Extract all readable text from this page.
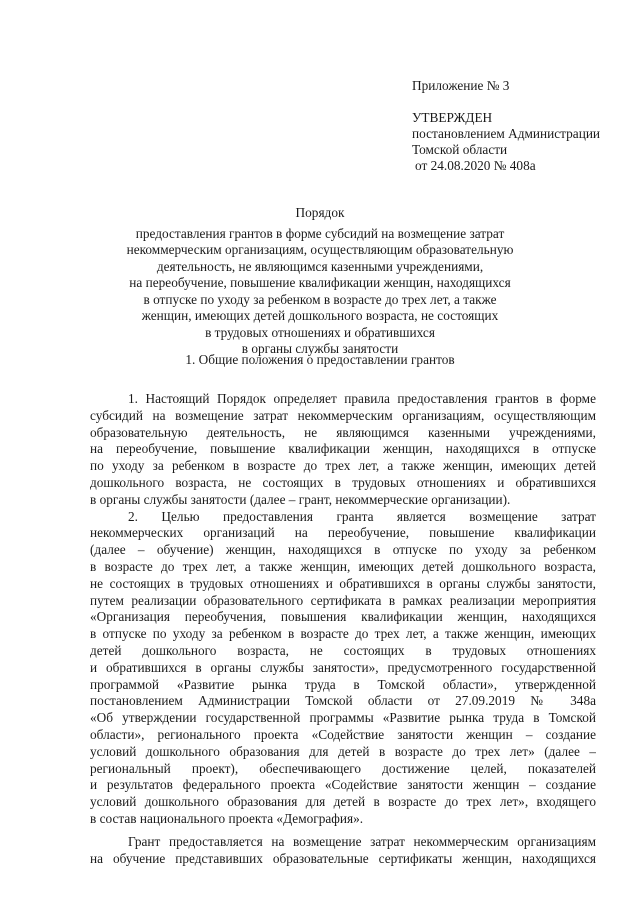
Приложение № 3
УТВЕРЖДЕН
постановлением Администрации
Томской области
от 24.08.2020 № 408а
Порядок
предоставления грантов в форме субсидий на возмещение затрат
некоммерческим организациям, осуществляющим образовательную
деятельность, не являющимся казенными учреждениями,
на переобучение, повышение квалификации женщин, находящихся
в отпуске по уходу за ребенком в возрасте до трех лет, а также
женщин, имеющих детей дошкольного возраста, не состоящих
в трудовых отношениях и обратившихся
в органы службы занятости
1. Общие положения о предоставлении грантов
1. Настоящий Порядок определяет правила предоставления грантов в форме
субсидий на возмещение затрат некоммерческим организациям, осуществляющим
образовательную деятельность, не являющимся казенными учреждениями,
на переобучение, повышение квалификации женщин, находящихся в отпуске
по уходу за ребенком в возрасте до трех лет, а также женщин, имеющих детей
дошкольного возраста, не состоящих в трудовых отношениях и обратившихся
в органы службы занятости (далее – грант, некоммерческие организации).
2. Целью предоставления гранта является возмещение затрат
некоммерческих организаций на переобучение, повышение квалификации
(далее – обучение) женщин, находящихся в отпуске по уходу за ребенком
в возрасте до трех лет, а также женщин, имеющих детей дошкольного возраста,
не состоящих в трудовых отношениях и обратившихся в органы службы занятости,
путем реализации образовательного сертификата в рамках реализации мероприятия
«Организация переобучения, повышения квалификации женщин, находящихся
в отпуске по уходу за ребенком в возрасте до трех лет, а также женщин, имеющих
детей дошкольного возраста, не состоящих в трудовых отношениях
и обратившихся в органы службы занятости», предусмотренного государственной
программой «Развитие рынка труда в Томской области», утвержденной
постановлением Администрации Томской области от 27.09.2019 № 348а
«Об утверждении государственной программы «Развитие рынка труда в Томской
области», регионального проекта «Содействие занятости женщин – создание
условий дошкольного образования для детей в возрасте до трех лет» (далее –
региональный проект), обеспечивающего достижение целей, показателей
и результатов федерального проекта «Содействие занятости женщин – создание
условий дошкольного образования для детей в возрасте до трех лет», входящего
в состав национального проекта «Демография».
Грант предоставляется на возмещение затрат некоммерческим организациям
на обучение представивших образовательные сертификаты женщин, находящихся
